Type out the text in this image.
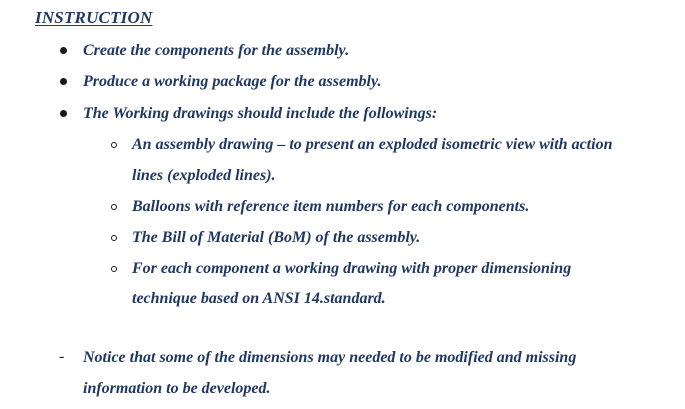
INSTRUCTION
Create the components for the assembly.
Produce a working package for the assembly.
The Working drawings should include the followings:
An assembly drawing – to present an exploded isometric view with action
lines (exploded lines).
Balloons with reference item numbers for each components.
The Bill of Material (BoM) of the assembly.
For each component a working drawing with proper dimensioning
technique based on ANSI 14.standard.
- Notice that some of the dimensions may needed to be modified and missing
information to be developed.
